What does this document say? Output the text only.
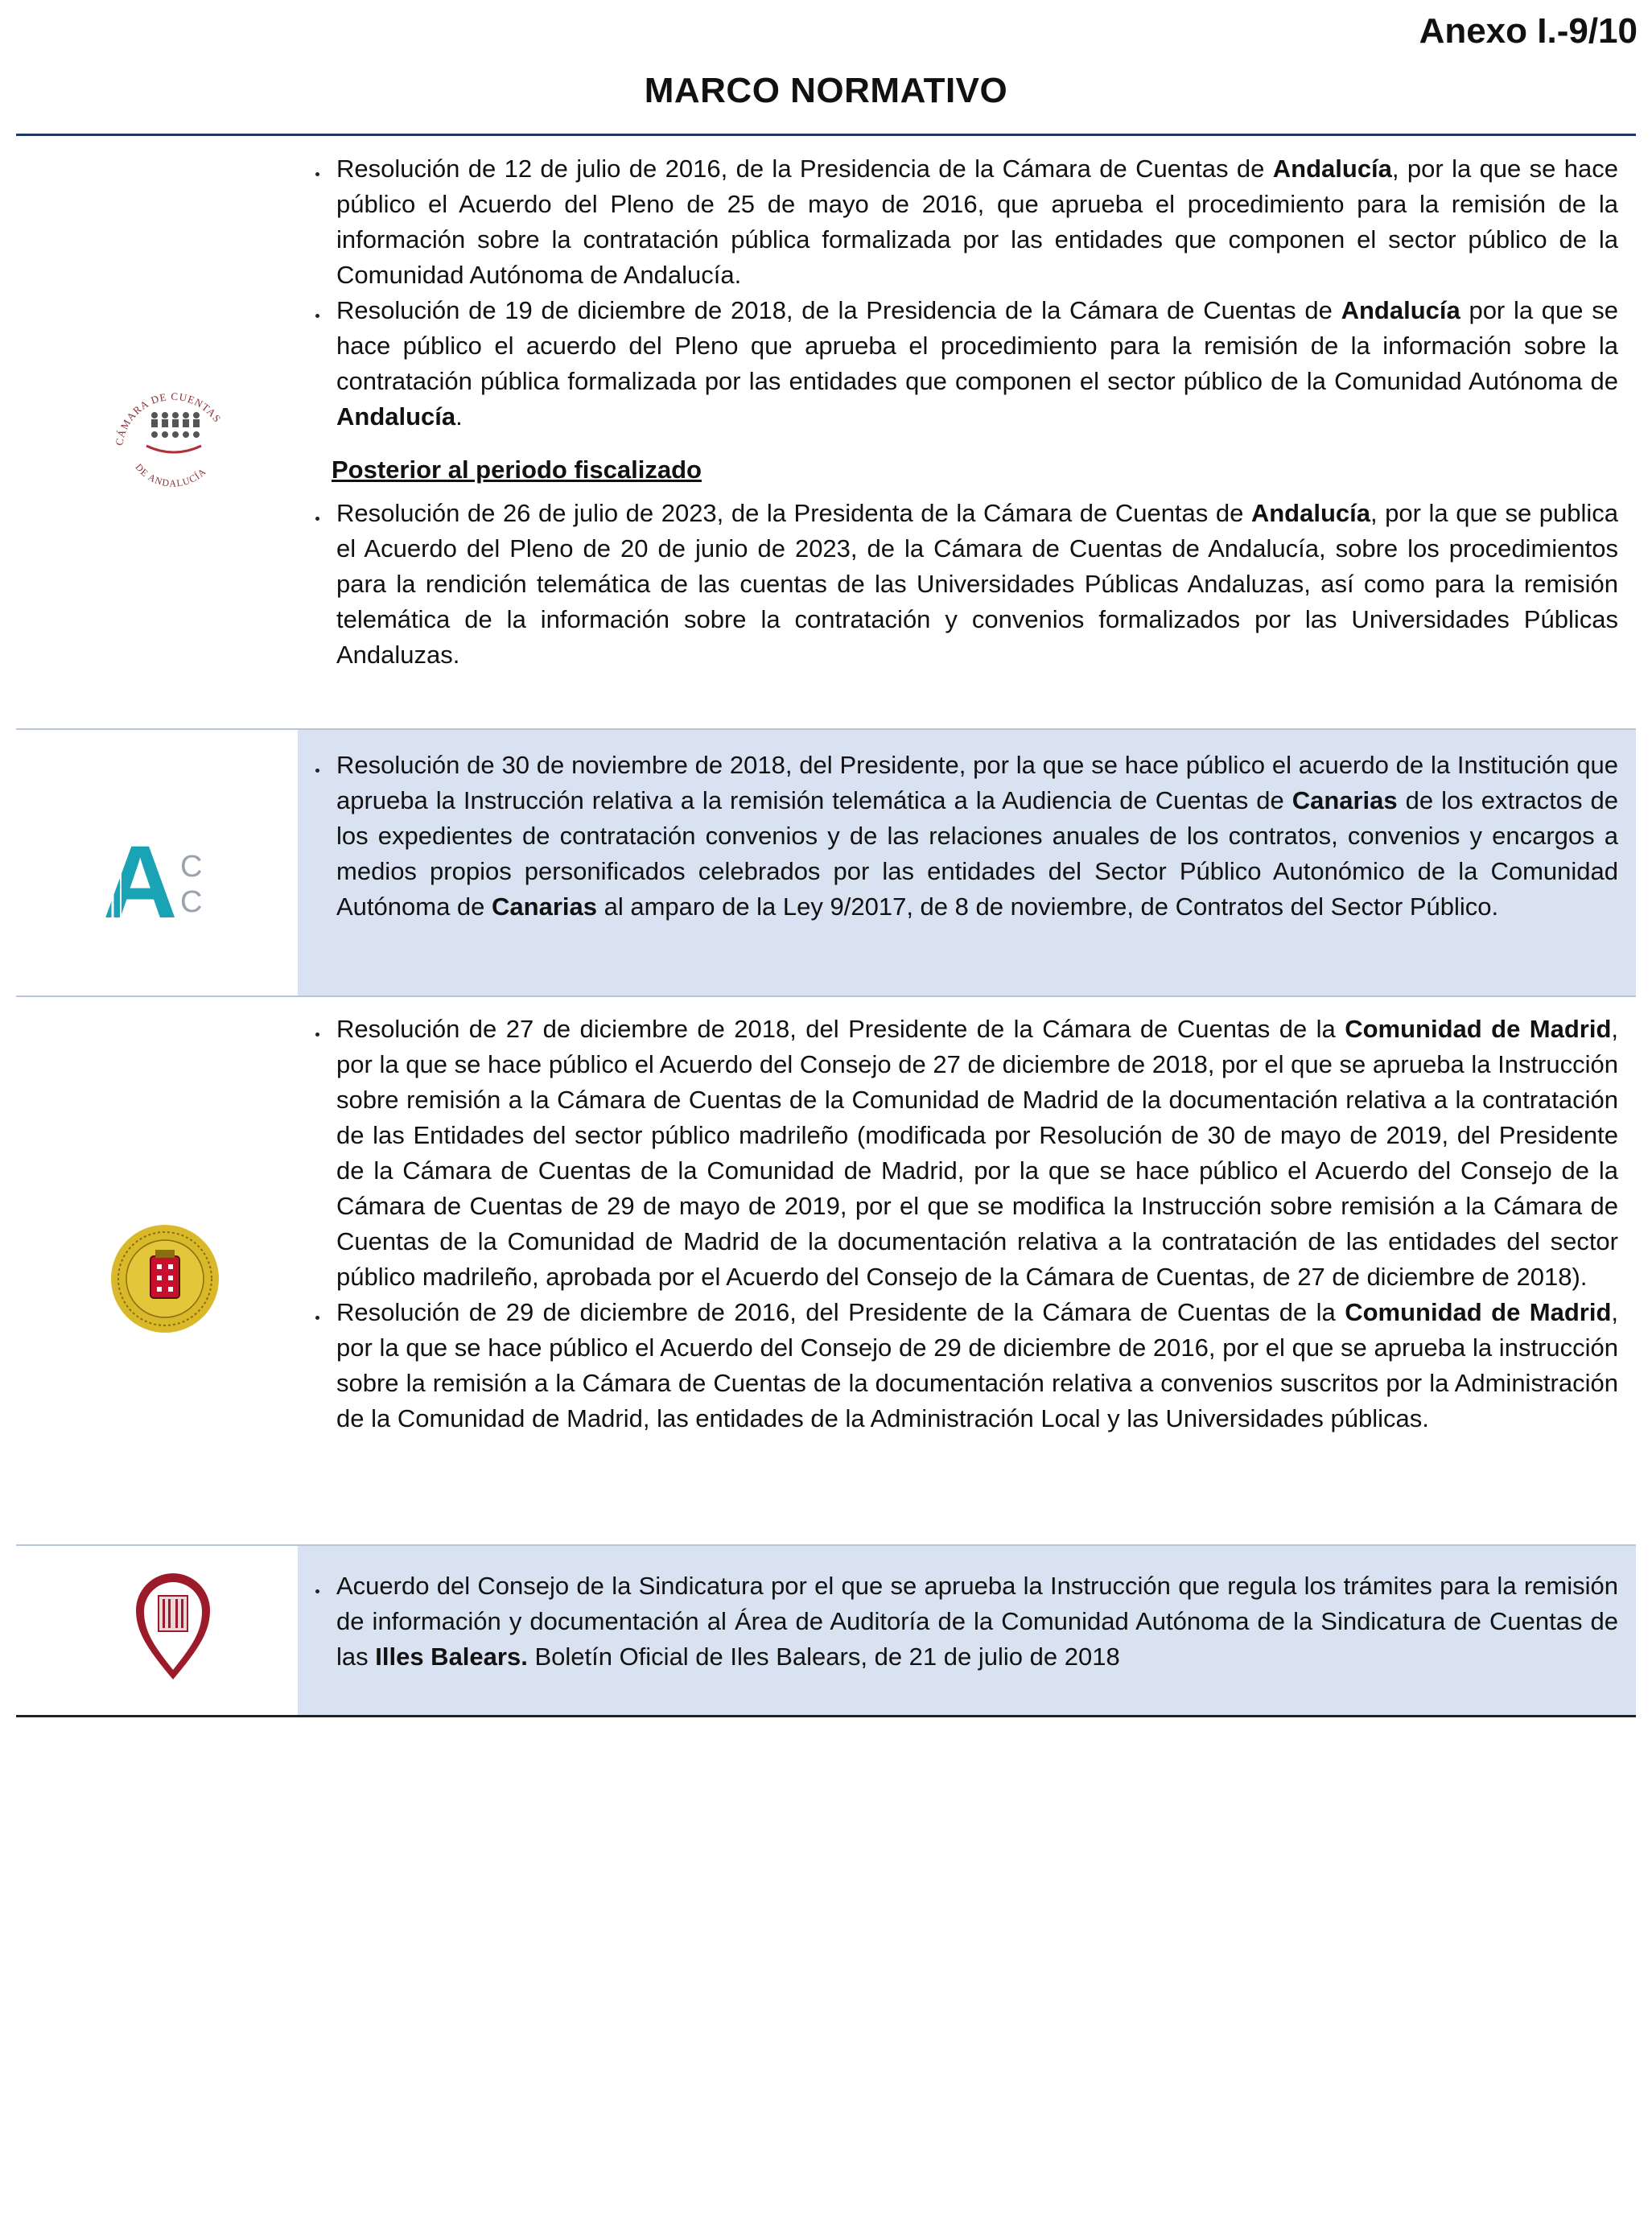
Anexo I.-9/10
MARCO NORMATIVO
CÁMARA DE CUENTAS
DE ANDALUCÍA

Resolución de 12 de julio de 2016, de la Presidencia de la Cámara de Cuentas de Andalucía, por la que se hace público el Acuerdo del Pleno de 25 de mayo de 2016, que aprueba el procedimiento para la remisión de la información sobre la contratación pública formalizada por las entidades que componen el sector público de la Comunidad Autónoma de Andalucía.

Resolución de 19 de diciembre de 2018, de la Presidencia de la Cámara de Cuentas de Andalucía por la que se hace público el acuerdo del Pleno que aprueba el procedimiento para la remisión de la información sobre la contratación pública formalizada por las entidades que componen el sector público de la Comunidad Autónoma de Andalucía.

Posterior al periodo fiscalizado

Resolución de 26 de julio de 2023, de la Presidenta de la Cámara de Cuentas de Andalucía, por la que se publica el Acuerdo del Pleno de 20 de junio de 2023, de la Cámara de Cuentas de Andalucía, sobre los procedimientos para la rendición telemática de las cuentas de las Universidades Públicas Andaluzas, así como para la remisión telemática de la información sobre la contratación y convenios formalizados por las Universidades Públicas Andaluzas.

A C
C

Resolución de 30 de noviembre de 2018, del Presidente, por la que se hace público el acuerdo de la Institución que aprueba la Instrucción relativa a la remisión telemática a la Audiencia de Cuentas de Canarias de los extractos de los expedientes de contratación convenios y de las relaciones anuales de los contratos, convenios y encargos a medios propios personificados celebrados por las entidades del Sector Público Autonómico de la Comunidad Autónoma de Canarias al amparo de la Ley 9/2017, de 8 de noviembre, de Contratos del Sector Público.

Resolución de 27 de diciembre de 2018, del Presidente de la Cámara de Cuentas de la Comunidad de Madrid, por la que se hace público el Acuerdo del Consejo de 27 de diciembre de 2018, por el que se aprueba la Instrucción sobre remisión a la Cámara de Cuentas de la Comunidad de Madrid de la documentación relativa a la contratación de las Entidades del sector público madrileño (modificada por Resolución de 30 de mayo de 2019, del Presidente de la Cámara de Cuentas de la Comunidad de Madrid, por la que se hace público el Acuerdo del Consejo de la Cámara de Cuentas de 29 de mayo de 2019, por el que se modifica la Instrucción sobre remisión a la Cámara de Cuentas de la Comunidad de Madrid de la documentación relativa a la contratación de las entidades del sector público madrileño, aprobada por el Acuerdo del Consejo de la Cámara de Cuentas, de 27 de diciembre de 2018).

Resolución de 29 de diciembre de 2016, del Presidente de la Cámara de Cuentas de la Comunidad de Madrid, por la que se hace público el Acuerdo del Consejo de 29 de diciembre de 2016, por el que se aprueba la instrucción sobre la remisión a la Cámara de Cuentas de la documentación relativa a convenios suscritos por la Administración de la Comunidad de Madrid, las entidades de la Administración Local y las Universidades públicas.

Acuerdo del Consejo de la Sindicatura por el que se aprueba la Instrucción que regula los trámites para la remisión de información y documentación al Área de Auditoría de la Comunidad Autónoma de la Sindicatura de Cuentas de las Illes Balears. Boletín Oficial de Iles Balears, de 21 de julio de 2018
